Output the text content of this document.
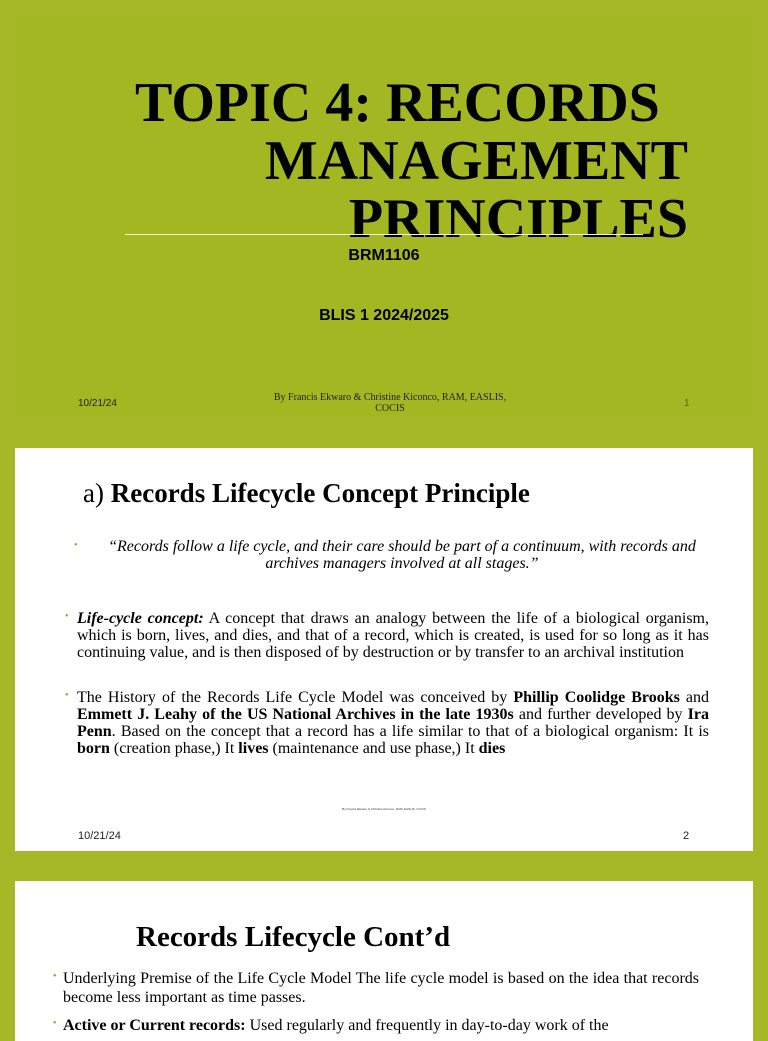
TOPIC 4: RECORDS
MANAGEMENT
PRINCIPLES
BRM1106
BLIS 1 2024/2025
10/21/24
By Francis Ekwaro & Christine Kiconco, RAM, EASLIS,
COCIS	1
a) Records Lifecycle Concept Principle
•	“Records follow a life cycle, and their care should be part of a continuum, with records and archives managers involved at all stages.”
• Life-cycle concept: A concept that draws an analogy between the life of a biological organism, which is born, lives, and dies, and that of a record, which is created, is used for so long as it has continuing value, and is then disposed of by destruction or by transfer to an archival institution
• The History of the Records Life Cycle Model was conceived by Phillip Coolidge Brooks and Emmett J. Leahy of the US National Archives in the late 1930s and further developed by Ira Penn. Based on the concept that a record has a life similar to that of a biological organism: It is born (creation phase,) It lives (maintenance and use phase,) It dies
By Francis Ekwaro & Christine Kiconco, RAM, EASLIS, COCIS
10/21/24	2
Records Lifecycle Cont’d
• Underlying Premise of the Life Cycle Model The life cycle model is based on the idea that records become less important as time passes.
• Active or Current records: Used regularly and frequently in day-to-day work of the
